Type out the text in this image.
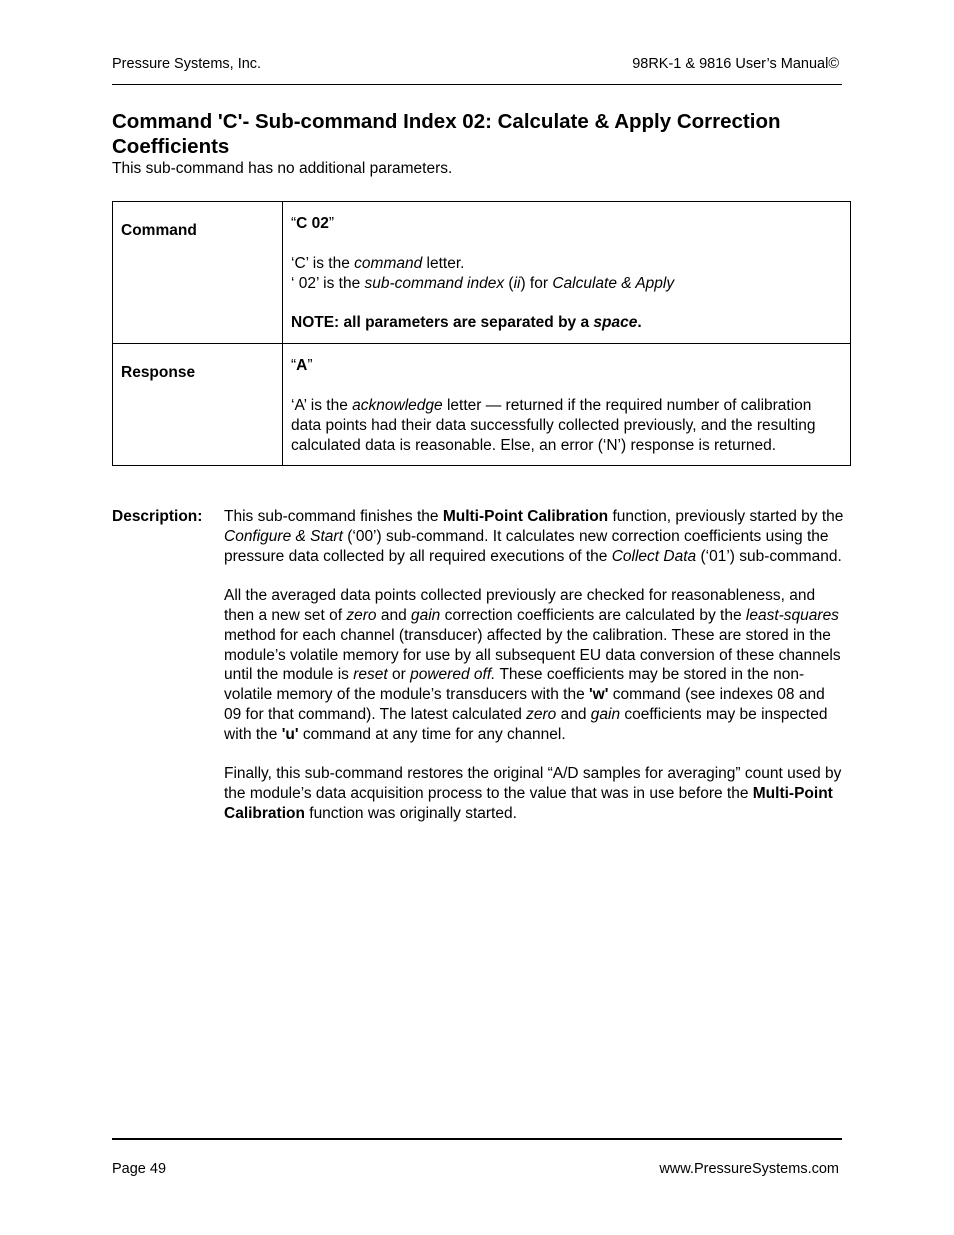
Pressure Systems, Inc.	98RK-1 & 9816 User’s Manual©
Command 'C'- Sub-command Index 02: Calculate & Apply Correction Coefficients
This sub-command has no additional parameters.
Command	“C 02”
‘C’ is the command letter.
‘ 02’ is the sub-command index (ii) for Calculate & Apply
NOTE: all parameters are separated by a space.

Response	“A”
‘A’ is the acknowledge letter — returned if the required number of calibration data points had their data successfully collected previously, and the resulting calculated data is reasonable. Else, an error (‘N’) response is returned.
Description: This sub-command finishes the Multi-Point Calibration function, previously started by the Configure & Start (‘00’) sub-command. It calculates new correction coefficients using the pressure data collected by all required executions of the Collect Data (‘01’) sub-command.

All the averaged data points collected previously are checked for reasonableness, and then a new set of zero and gain correction coefficients are calculated by the least-squares method for each channel (transducer) affected by the calibration. These are stored in the module’s volatile memory for use by all subsequent EU data conversion of these channels until the module is reset or powered off. These coefficients may be stored in the non-volatile memory of the module’s transducers with the 'w' command (see indexes 08 and 09 for that command). The latest calculated zero and gain coefficients may be inspected with the 'u' command at any time for any channel.

Finally, this sub-command restores the original “A/D samples for averaging” count used by the module’s data acquisition process to the value that was in use before the Multi-Point Calibration function was originally started.

Page 49	www.PressureSystems.com
